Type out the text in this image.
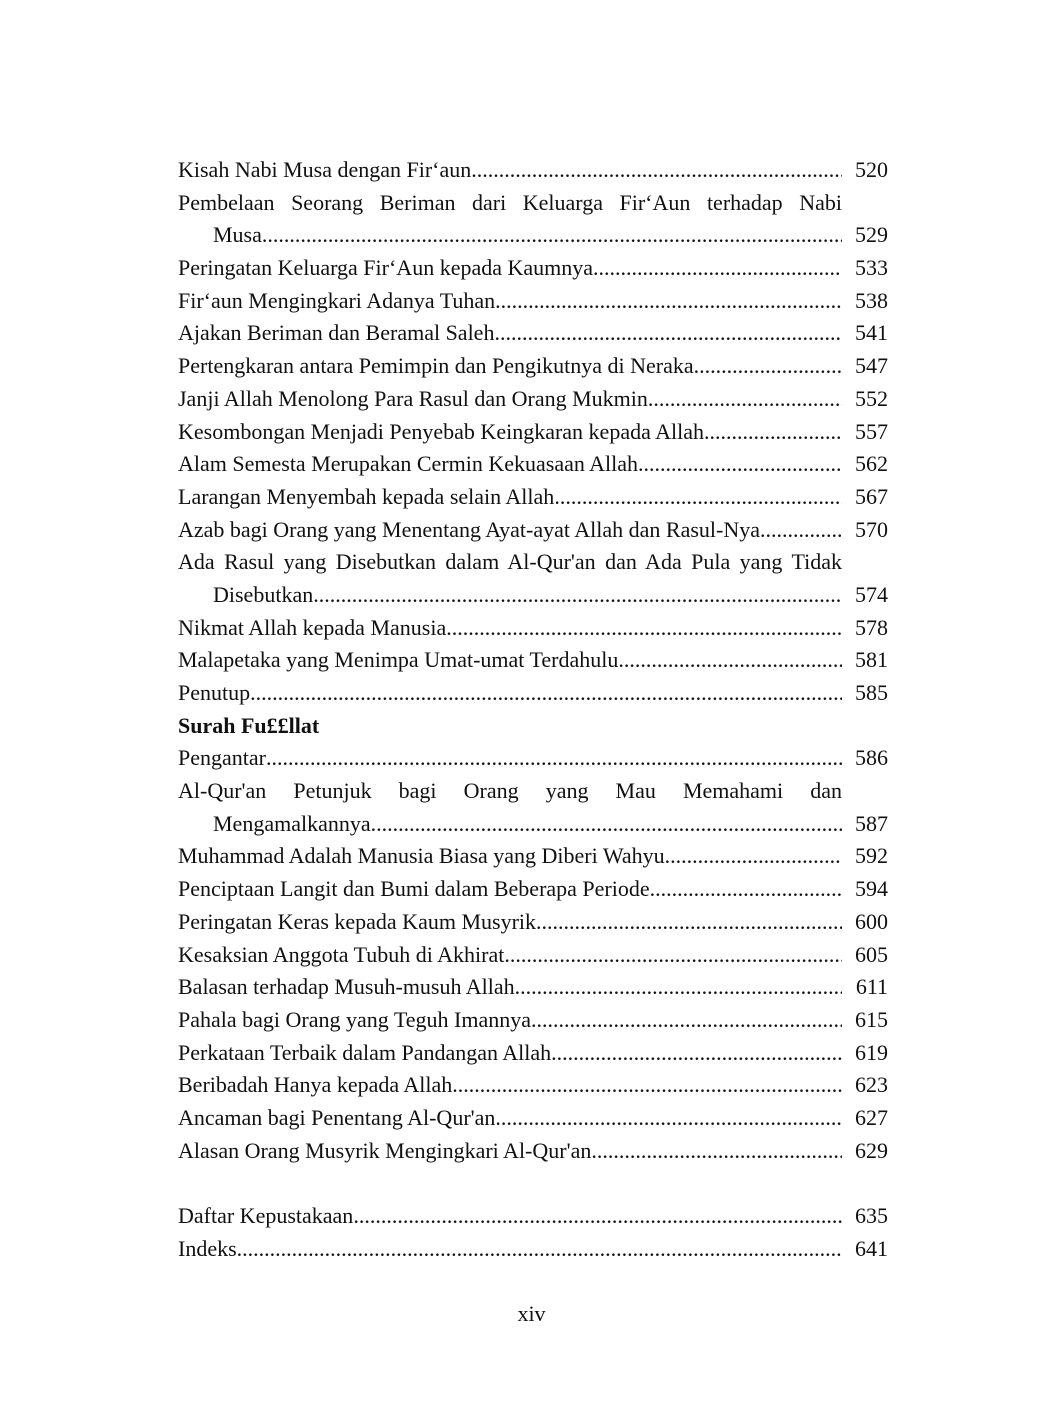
Kisah Nabi Musa dengan Fir‘aun .....	520
Pembelaan Seorang Beriman dari Keluarga Fir‘Aun terhadap Nabi
Musa .....	529
Peringatan Keluarga Fir‘Aun kepada Kaumnya .....	533
Fir‘aun Mengingkari Adanya Tuhan .....	538
Ajakan Beriman dan Beramal Saleh .....	541
Pertengkaran antara Pemimpin dan Pengikutnya di Neraka .....	547
Janji Allah Menolong Para Rasul dan Orang Mukmin .....	552
Kesombongan Menjadi Penyebab Keingkaran kepada Allah .....	557
Alam Semesta Merupakan Cermin Kekuasaan Allah .....	562
Larangan Menyembah kepada selain Allah .....	567
Azab bagi Orang yang Menentang Ayat-ayat Allah dan Rasul-Nya .....	570
Ada Rasul yang Disebutkan dalam Al-Qur'an dan Ada Pula yang Tidak
Disebutkan .....	574
Nikmat Allah kepada Manusia .....	578
Malapetaka yang Menimpa Umat-umat Terdahulu .....	581
Penutup .....	585
Surah Fu££llat
Pengantar .....	586
Al-Qur'an Petunjuk bagi Orang yang Mau Memahami dan
Mengamalkannya .....	587
Muhammad Adalah Manusia Biasa yang Diberi Wahyu .....	592
Penciptaan Langit dan Bumi dalam Beberapa Periode .....	594
Peringatan Keras kepada Kaum Musyrik .....	600
Kesaksian Anggota Tubuh di Akhirat .....	605
Balasan terhadap Musuh-musuh Allah .....	611
Pahala bagi Orang yang Teguh Imannya .....	615
Perkataan Terbaik dalam Pandangan Allah .....	619
Beribadah Hanya kepada Allah .....	623
Ancaman bagi Penentang Al-Qur'an .....	627
Alasan Orang Musyrik Mengingkari Al-Qur'an .....	629
Daftar Kepustakaan .....	635
Indeks .....	641
xiv
